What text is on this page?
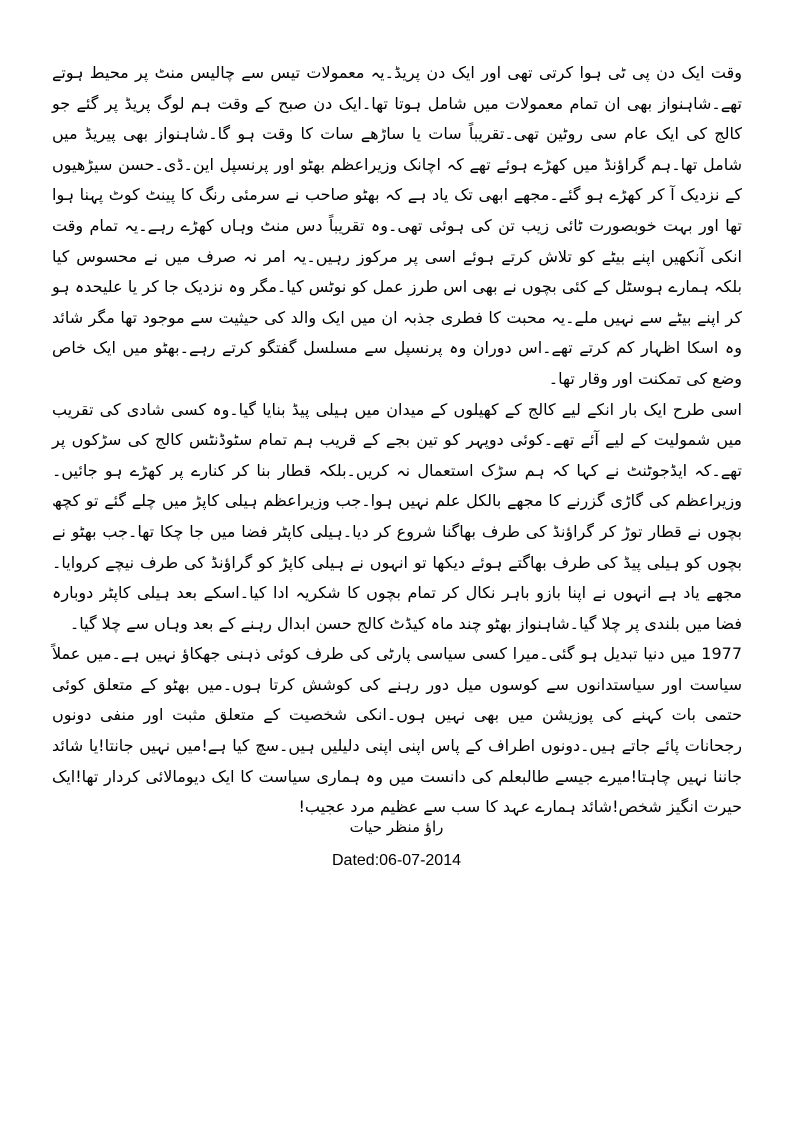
وقت ایک دن پی ٹی ہوا کرتی تھی اور ایک دن پریڈ۔یہ معمولات تیس سے چالیس منٹ پر محیط ہوتے تھے۔شاہنواز بھی ان تمام معمولات میں شامل ہوتا تھا۔ایک دن صبح کے وقت ہم لوگ پریڈ پر گئے جو کالج کی ایک عام سی روٹین تھی۔تقریباً سات یا ساڑھے سات کا وقت ہو گا۔شاہنواز بھی پیریڈ میں شامل تھا۔ہم گراؤنڈ میں کھڑے ہوئے تھے کہ اچانک وزیراعظم بھٹو اور پرنسپل این۔ڈی۔حسن سیڑھیوں کے نزدیک آ کر کھڑے ہو گئے۔مجھے ابھی تک یاد ہے کہ بھٹو صاحب نے سرمئی رنگ کا پینٹ کوٹ پہنا ہوا تھا اور بہت خوبصورت ٹائی زیب تن کی ہوئی تھی۔وہ تقریباً دس منٹ وہاں کھڑے رہے۔یہ تمام وقت انکی آنکھیں اپنے بیٹے کو تلاش کرتے ہوئے اسی پر مرکوز رہیں۔یہ امر نہ صرف میں نے محسوس کیا بلکہ ہمارے ہوسٹل کے کئی بچوں نے بھی اس طرز عمل کو نوٹس کیا۔مگر وہ نزدیک جا کر یا علیحدہ ہو کر اپنے بیٹے سے نہیں ملے۔یہ محبت کا فطری جذبہ ان میں ایک والد کی حیثیت سے موجود تھا مگر شائد وہ اسکا اظہار کم کرتے تھے۔اس دوران وہ پرنسپل سے مسلسل گفتگو کرتے رہے۔بھٹو میں ایک خاص وضع کی تمکنت اور وقار تھا۔

اسی طرح ایک بار انکے لیے کالج کے کھیلوں کے میدان میں ہیلی پیڈ بنایا گیا۔وہ کسی شادی کی تقریب میں شمولیت کے لیے آئے تھے۔کوئی دوپہر کو تین بجے کے قریب ہم تمام سٹوڈنٹس کالج کی سڑکوں پر تھے۔کہ ایڈجوٹنٹ نے کہا کہ ہم سڑک استعمال نہ کریں۔بلکہ قطار بنا کر کنارے پر کھڑے ہو جائیں۔وزیراعظم کی گاڑی گزرنے کا مجھے بالکل علم نہیں ہوا۔جب وزیراعظم ہیلی کاپڑ میں چلے گئے تو کچھ بچوں نے قطار توڑ کر گراؤنڈ کی طرف بھاگنا شروع کر دیا۔ہیلی کاپٹر فضا میں جا چکا تھا۔جب بھٹو نے بچوں کو ہیلی پیڈ کی طرف بھاگتے ہوئے دیکھا تو انہوں نے ہیلی کاپڑ کو گراؤنڈ کی طرف نیچے کروایا۔مجھے یاد ہے انہوں نے اپنا بازو باہر نکال کر تمام بچوں کا شکریہ ادا کیا۔اسکے بعد ہیلی کاپٹر دوبارہ فضا میں بلندی پر چلا گیا۔شاہنواز بھٹو چند ماہ کیڈٹ کالج حسن ابدال رہنے کے بعد وہاں سے چلا گیا۔

1977 میں دنیا تبدیل ہو گئی۔میرا کسی سیاسی پارٹی کی طرف کوئی ذہنی جھکاؤ نہیں ہے۔میں عملاً سیاست اور سیاستدانوں سے کوسوں میل دور رہنے کی کوشش کرتا ہوں۔میں بھٹو کے متعلق کوئی حتمی بات کہنے کی پوزیشن میں بھی نہیں ہوں۔انکی شخصیت کے متعلق مثبت اور منفی دونوں رجحانات پائے جاتے ہیں۔دونوں اطراف کے پاس اپنی اپنی دلیلیں ہیں۔سچ کیا ہے!میں نہیں جانتا!یا شائد جاننا نہیں چاہتا!میرے جیسے طالبعلم کی دانست میں وہ ہماری سیاست کا ایک دیومالائی کردار تھا!ایک حیرت انگیز شخص!شائد ہمارے عہد کا سب سے عظیم مرد عجیب!

راؤ منظر حیات
Dated:06-07-2014
